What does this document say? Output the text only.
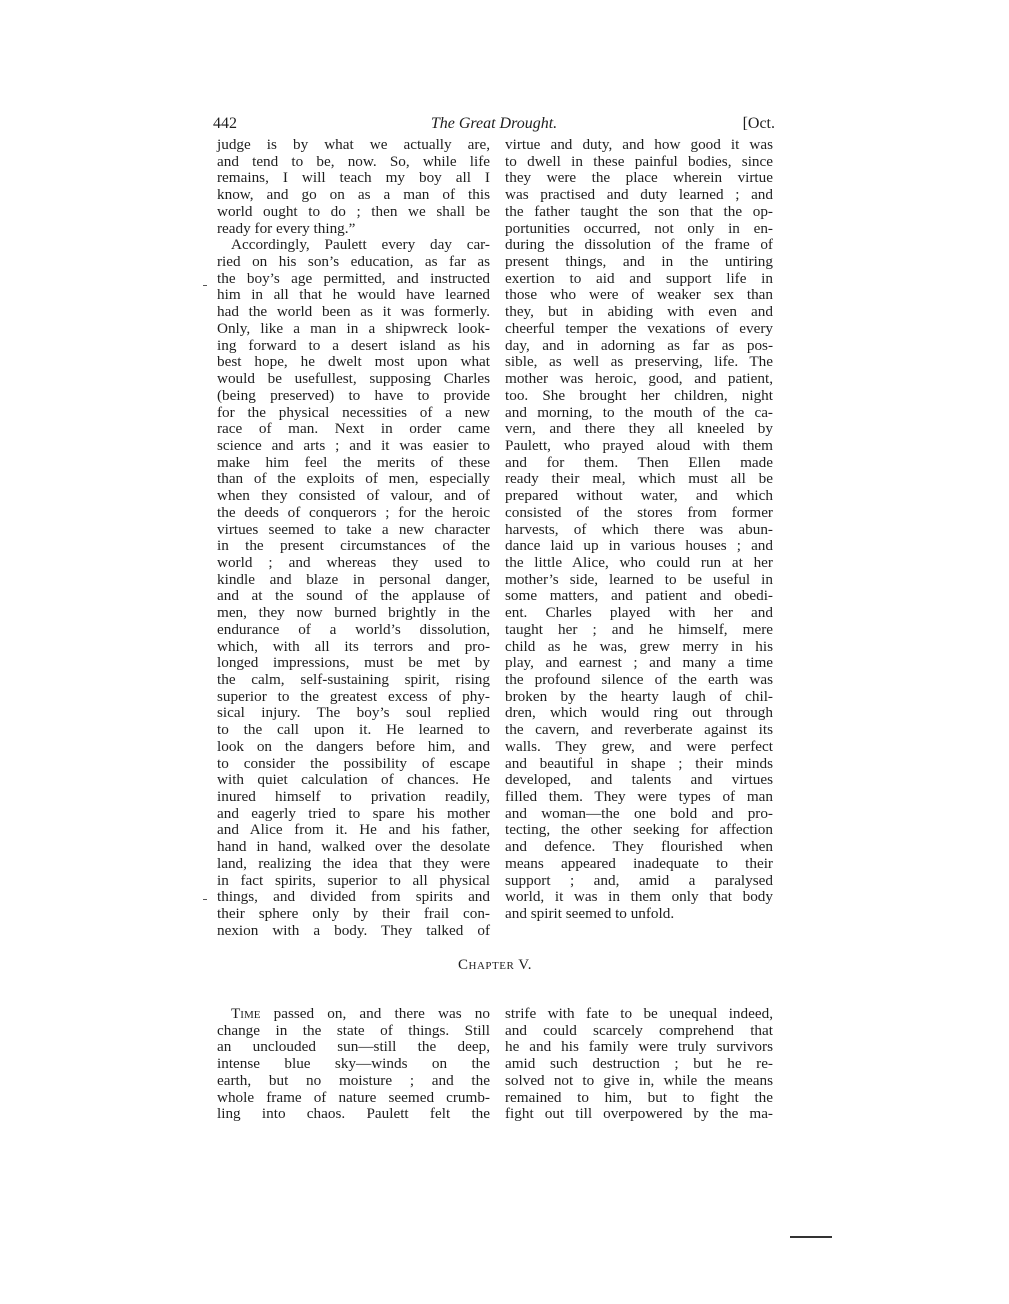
442	The Great Drought.	[Oct.
judge is by what we actually are,
and tend to be, now. So, while life
remains, I will teach my boy all I
know, and go on as a man of this
world ought to do ; then we shall be
ready for every thing.”
Accordingly, Paulett every day car-
ried on his son’s education, as far as
the boy’s age permitted, and instructed
him in all that he would have learned
had the world been as it was formerly.
Only, like a man in a shipwreck look-
ing forward to a desert island as his
best hope, he dwelt most upon what
would be usefullest, supposing Charles
(being preserved) to have to provide
for the physical necessities of a new
race of man. Next in order came
science and arts ; and it was easier to
make him feel the merits of these
than of the exploits of men, especially
when they consisted of valour, and of
the deeds of conquerors ; for the heroic
virtues seemed to take a new character
in the present circumstances of the
world ; and whereas they used to
kindle and blaze in personal danger,
and at the sound of the applause of
men, they now burned brightly in the
endurance of a world’s dissolution,
which, with all its terrors and pro-
longed impressions, must be met by
the calm, self-sustaining spirit, rising
superior to the greatest excess of phy-
sical injury. The boy’s soul replied
to the call upon it. He learned to
look on the dangers before him, and
to consider the possibility of escape
with quiet calculation of chances. He
inured himself to privation readily,
and eagerly tried to spare his mother
and Alice from it. He and his father,
hand in hand, walked over the desolate
land, realizing the idea that they were
in fact spirits, superior to all physical
things, and divided from spirits and
their sphere only by their frail con-
nexion with a body. They talked of
virtue and duty, and how good it was
to dwell in these painful bodies, since
they were the place wherein virtue
was practised and duty learned ; and
the father taught the son that the op-
portunities occurred, not only in en-
during the dissolution of the frame of
present things, and in the untiring
exertion to aid and support life in
those who were of weaker sex than
they, but in abiding with even and
cheerful temper the vexations of every
day, and in adorning as far as pos-
sible, as well as preserving, life. The
mother was heroic, good, and patient,
too. She brought her children, night
and morning, to the mouth of the ca-
vern, and there they all kneeled by
Paulett, who prayed aloud with them
and for them. Then Ellen made
ready their meal, which must all be
prepared without water, and which
consisted of the stores from former
harvests, of which there was abun-
dance laid up in various houses ; and
the little Alice, who could run at her
mother’s side, learned to be useful in
some matters, and patient and obedi-
ent. Charles played with her and
taught her ; and he himself, mere
child as he was, grew merry in his
play, and earnest ; and many a time
the profound silence of the earth was
broken by the hearty laugh of chil-
dren, which would ring out through
the cavern, and reverberate against its
walls. They grew, and were perfect
and beautiful in shape ; their minds
developed, and talents and virtues
filled them. They were types of man
and woman—the one bold and pro-
tecting, the other seeking for affection
and defence. They flourished when
means appeared inadequate to their
support ; and, amid a paralysed
world, it was in them only that body
and spirit seemed to unfold.
Chapter V.
Time passed on, and there was no
change in the state of things. Still
an unclouded sun—still the deep,
intense blue sky—winds on the
earth, but no moisture ; and the
whole frame of nature seemed crumb-
ling into chaos. Paulett felt the
strife with fate to be unequal indeed,
and could scarcely comprehend that
he and his family were truly survivors
amid such destruction ; but he re-
solved not to give in, while the means
remained to him, but to fight the
fight out till overpowered by the ma-
